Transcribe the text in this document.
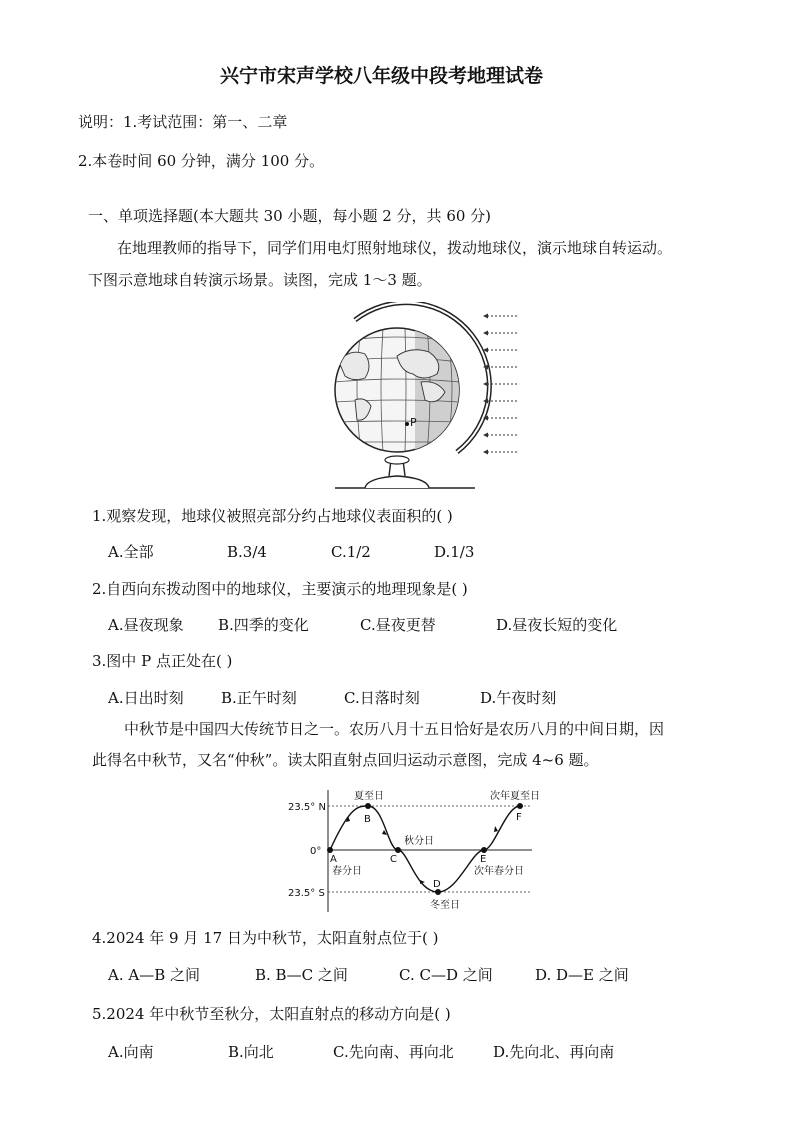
兴宁市宋声学校八年级中段考地理试卷
说明：1.考试范围：第一、二章
2.本卷时间 60 分钟，满分 100 分。
一、单项选择题(本大题共 30 小题，每小题 2 分，共 60 分)
在地理教师的指导下，同学们用电灯照射地球仪，拨动地球仪，演示地球自转运动。
下图示意地球自转演示场景。读图，完成 1～3 题。
P
1.观察发现，地球仪被照亮部分约占地球仪表面积的( )
A.全部	B.3/4	C.1/2	D.1/3
2.自西向东拨动图中的地球仪，主要演示的地理现象是( )
A.昼夜现象 B.四季的变化	C.昼夜更替	D.昼夜长短的变化
3.图中 P 点正处在( )
A.日出时刻 B.正午时刻	C.日落时刻	D.午夜时刻
中秋节是中国四大传统节日之一。农历八月十五日恰好是农历八月的中间日期，因
此得名中秋节，又名“仲秋”。读太阳直射点回归运动示意图，完成 4~6 题。
23.5° N
0°
23.5° S
夏至日
秋分日
冬至日
春分日
次年夏至日
次年春分日
A
B
C
D
E
F
4.2024 年 9 月 17 日为中秋节，太阳直射点位于( )
A. A—B 之间	B. B—C 之间	C. C—D 之间	D. D—E 之间
5.2024 年中秋节至秋分，太阳直射点的移动方向是( )
A.向南	B.向北	C.先向南、再向北	D.先向北、再向南
